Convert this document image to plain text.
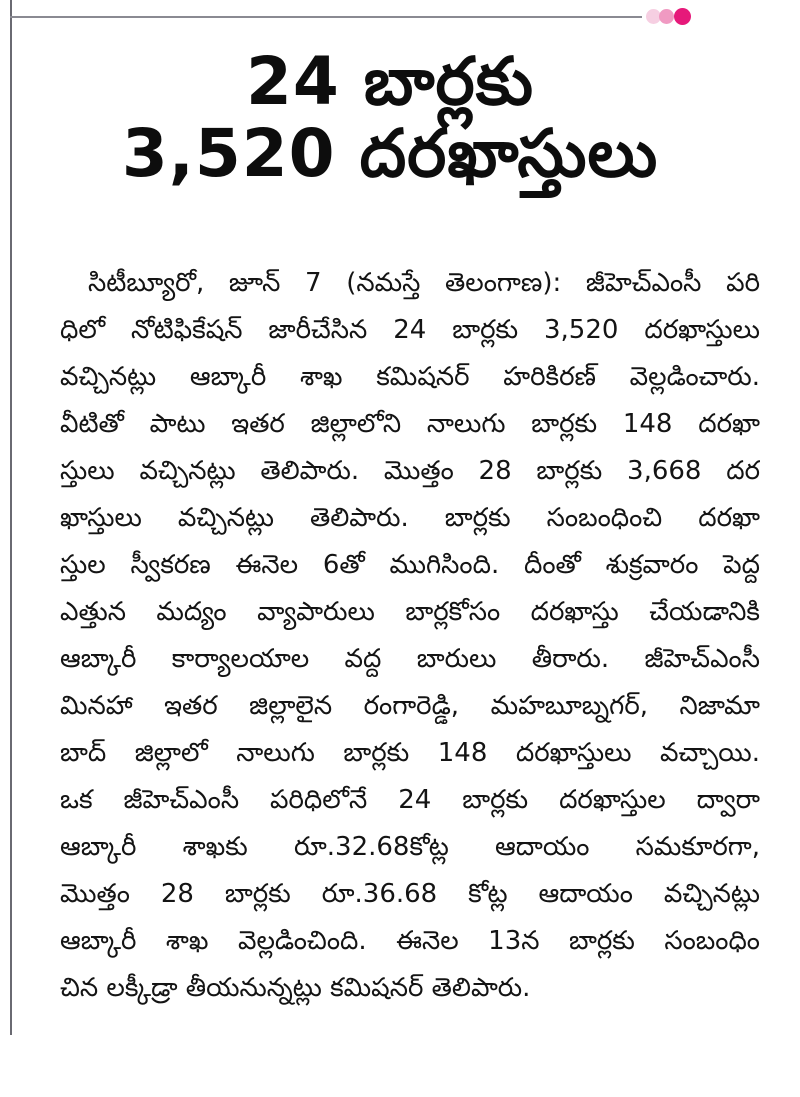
24 బార్లకు
3,520 దరఖాస్తులు
సిటీబ్యూరో, జూన్ 7 (నమస్తే తెలంగాణ): జీహెచ్ఎంసీ పరి
ధిలో నోటిఫికేషన్ జారీచేసిన 24 బార్లకు 3,520 దరఖాస్తులు
వచ్చినట్లు ఆబ్కారీ శాఖ కమిషనర్ హరికిరణ్ వెల్లడించారు.
వీటితో పాటు ఇతర జిల్లాలోని నాలుగు బార్లకు 148 దరఖా
స్తులు వచ్చినట్లు తెలిపారు. మొత్తం 28 బార్లకు 3,668 దర
ఖాస్తులు వచ్చినట్లు తెలిపారు. బార్లకు సంబంధించి దరఖా
స్తుల స్వీకరణ ఈనెల 6తో ముగిసింది. దీంతో శుక్రవారం పెద్ద
ఎత్తున మద్యం వ్యాపారులు బార్లకోసం దరఖాస్తు చేయడానికి
ఆబ్కారీ కార్యాలయాల వద్ద బారులు తీరారు. జీహెచ్ఎంసీ
మినహా ఇతర జిల్లాలైన రంగారెడ్డి, మహబూబ్నగర్, నిజామా
బాద్ జిల్లాలో నాలుగు బార్లకు 148 దరఖాస్తులు వచ్చాయి.
ఒక జీహెచ్ఎంసీ పరిధిలోనే 24 బార్లకు దరఖాస్తుల ద్వారా
ఆబ్కారీ శాఖకు రూ.32.68కోట్ల ఆదాయం సమకూరగా,
మొత్తం 28 బార్లకు రూ.36.68 కోట్ల ఆదాయం వచ్చినట్లు
ఆబ్కారీ శాఖ వెల్లడించింది. ఈనెల 13న బార్లకు సంబంధిం
చిన లక్కీడ్రా తీయనున్నట్లు కమిషనర్ తెలిపారు.
